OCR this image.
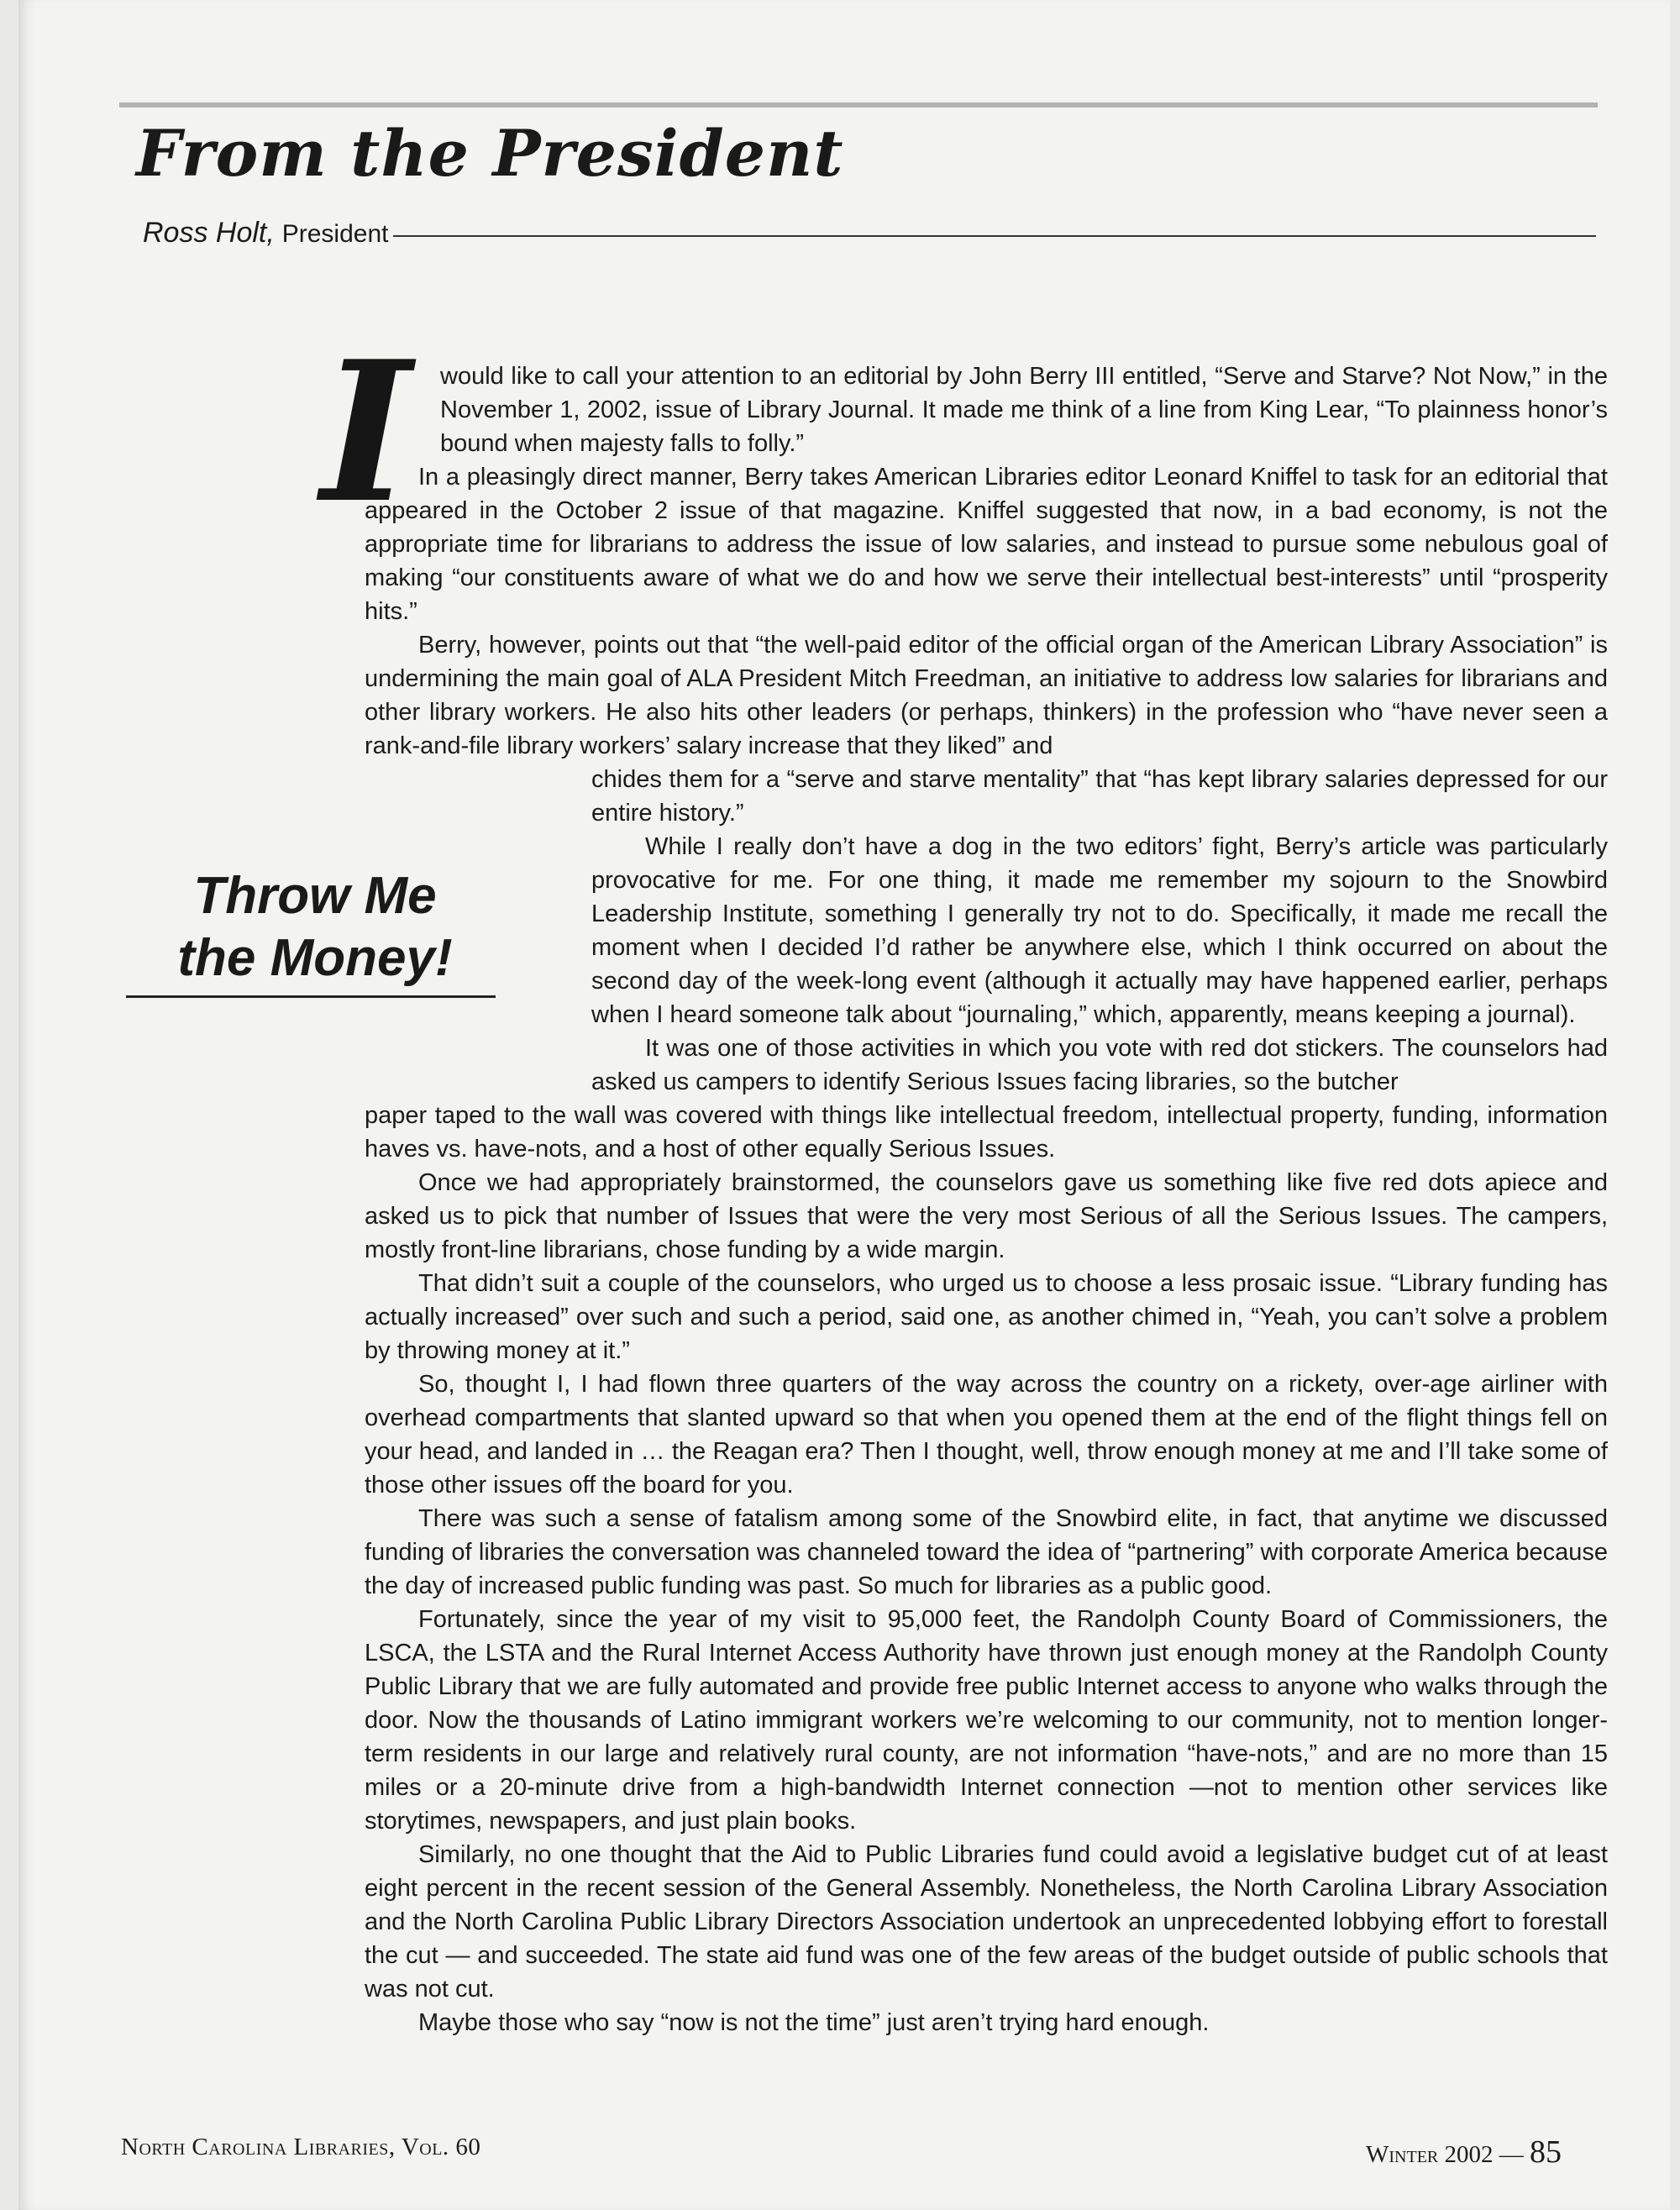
From the President
Ross Holt,
President
I
Throw Me
the Money!

would like to call your attention to an editorial by John Berry III entitled, “Serve and Starve? Not Now,” in the November 1, 2002, issue of Library Journal. It made me think of a line from King Lear, “To plainness honor’s bound when majesty falls to folly.”

In a pleasingly direct manner, Berry takes American Libraries editor Leonard Kniffel to task for an editorial that appeared in the October 2 issue of that magazine. Kniffel suggested that now, in a bad economy, is not the appropriate time for librarians to address the issue of low salaries, and instead to pursue some nebulous goal of making “our constituents aware of what we do and how we serve their intellectual best-interests” until “prosperity hits.”

Berry, however, points out that “the well-paid editor of the official organ of the American Library Association” is undermining the main goal of ALA President Mitch Freedman, an initiative to address low salaries for librarians and other library workers. He also hits other leaders (or perhaps, thinkers) in the profession who “have never seen a rank-and-file library workers’ salary increase that they liked” and

chides them for a “serve and starve mentality” that “has kept library salaries depressed for our entire history.”

While I really don’t have a dog in the two editors’ fight, Berry’s article was particularly provocative for me. For one thing, it made me remember my sojourn to the Snowbird Leadership Institute, something I generally try not to do. Specifically, it made me recall the moment when I decided I’d rather be anywhere else, which I think occurred on about the second day of the week-long event (although it actually may have happened earlier, perhaps when I heard someone talk about “journaling,” which, apparently, means keeping a journal).

It was one of those activities in which you vote with red dot stickers. The counselors had asked us campers to identify Serious Issues facing libraries, so the butcher

paper taped to the wall was covered with things like intellectual freedom, intellectual property, funding, information haves vs. have-nots, and a host of other equally Serious Issues.

Once we had appropriately brainstormed, the counselors gave us something like five red dots apiece and asked us to pick that number of Issues that were the very most Serious of all the Serious Issues. The campers, mostly front-line librarians, chose funding by a wide margin.

That didn’t suit a couple of the counselors, who urged us to choose a less prosaic issue. “Library funding has actually increased” over such and such a period, said one, as another chimed in, “Yeah, you can’t solve a problem by throwing money at it.”

So, thought I, I had flown three quarters of the way across the country on a rickety, over-age airliner with overhead compartments that slanted upward so that when you opened them at the end of the flight things fell on your head, and landed in … the Reagan era? Then I thought, well, throw enough money at me and I’ll take some of those other issues off the board for you.

There was such a sense of fatalism among some of the Snowbird elite, in fact, that anytime we discussed funding of libraries the conversation was channeled toward the idea of “partnering” with corporate America because the day of increased public funding was past. So much for libraries as a public good.

Fortunately, since the year of my visit to 95,000 feet, the Randolph County Board of Commissioners, the LSCA, the LSTA and the Rural Internet Access Authority have thrown just enough money at the Randolph County Public Library that we are fully automated and provide free public Internet access to anyone who walks through the door. Now the thousands of Latino immigrant workers we’re welcoming to our community, not to mention longer-term residents in our large and relatively rural county, are not information “have-nots,” and are no more than 15 miles or a 20-minute drive from a high-bandwidth Internet connection —not to mention other services like storytimes, newspapers, and just plain books.

Similarly, no one thought that the Aid to Public Libraries fund could avoid a legislative budget cut of at least eight percent in the recent session of the General Assembly. Nonetheless, the North Carolina Library Association and the North Carolina Public Library Directors Association undertook an unprecedented lobbying effort to forestall the cut — and succeeded. The state aid fund was one of the few areas of the budget outside of public schools that was not cut.

Maybe those who say “now is not the time” just aren’t trying hard enough.

North Carolina Libraries, Vol. 60	Winter 2002 — 85
